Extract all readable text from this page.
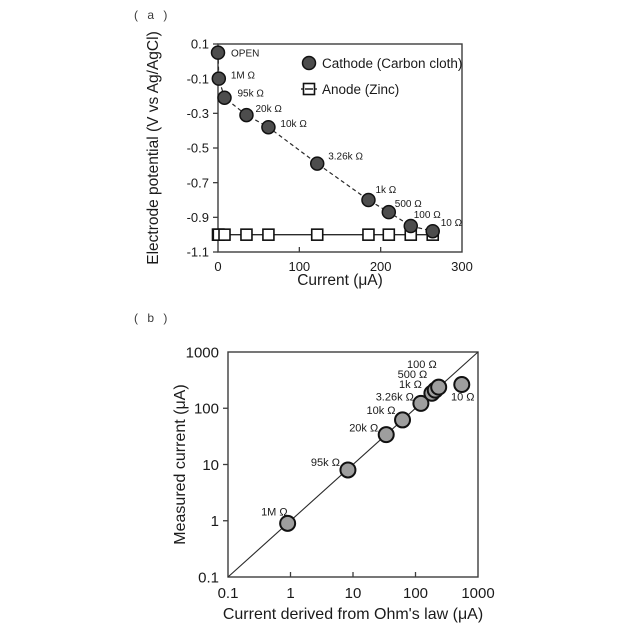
( a )
( b )
0	100	200	300
0.1
-0.1
-0.3
-0.5
-0.7
-0.9
-1.1
Current (μA)
Electrode potential (V vs Ag/AgCl)	OPEN
1M Ω
95k Ω
20k Ω
10k Ω
3.26k Ω
1k Ω
500 Ω
100 Ω
10 Ω
Cathode (Carbon cloth)
Anode (Zinc)
0.1	1	10	100 1000
0.1
1
10
100
1000
Current derived from Ohm's law (μA)
Measured current (μA)	1M Ω
95k Ω
20k Ω
10k Ω
3.26k Ω
1k Ω
500 Ω
100 Ω
10 Ω
